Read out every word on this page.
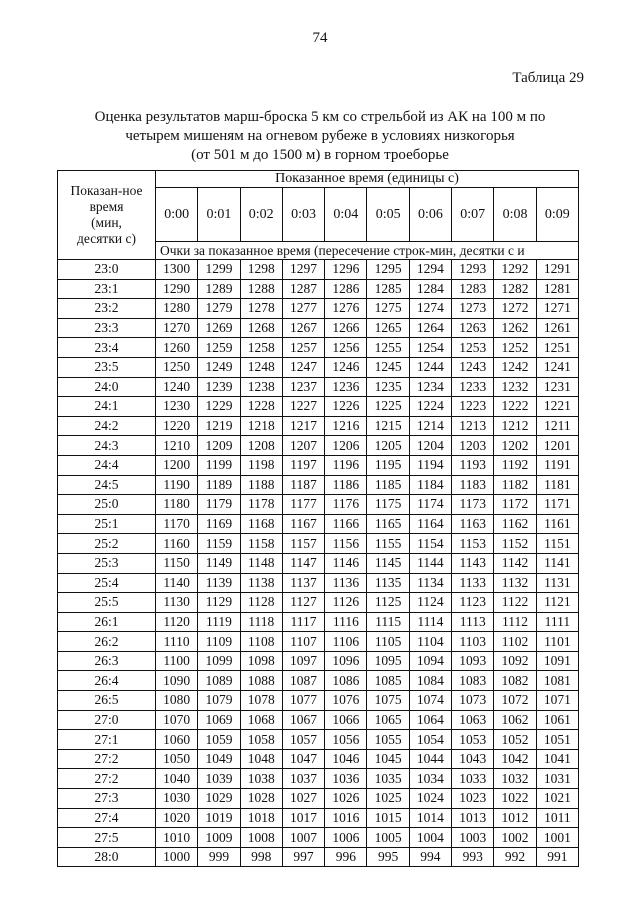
74
Таблица 29
Оценка результатов марш-броска 5 км со стрельбой из АК на 100 м по
четырем мишеням на огневом рубеже в условиях низкогорья
(от 501 м до 1500 м) в горном троеборье
Показан-ное
время
(мин,
десятки с)	Показанное время (единицы с)									
	0:00	0:01	0:02	0:03	0:04	0:05	0:06	0:07	0:08	0:09
	Очки за показанное время (пересечение строк-мин, десятки с и									
23:0	1300	1299	1298	1297	1296	1295	1294	1293	1292	1291
23:1	1290	1289	1288	1287	1286	1285	1284	1283	1282	1281
23:2	1280	1279	1278	1277	1276	1275	1274	1273	1272	1271
23:3	1270	1269	1268	1267	1266	1265	1264	1263	1262	1261
23:4	1260	1259	1258	1257	1256	1255	1254	1253	1252	1251
23:5	1250	1249	1248	1247	1246	1245	1244	1243	1242	1241
24:0	1240	1239	1238	1237	1236	1235	1234	1233	1232	1231
24:1	1230	1229	1228	1227	1226	1225	1224	1223	1222	1221
24:2	1220	1219	1218	1217	1216	1215	1214	1213	1212	1211
24:3	1210	1209	1208	1207	1206	1205	1204	1203	1202	1201
24:4	1200	1199	1198	1197	1196	1195	1194	1193	1192	1191
24:5	1190	1189	1188	1187	1186	1185	1184	1183	1182	1181
25:0	1180	1179	1178	1177	1176	1175	1174	1173	1172	1171
25:1	1170	1169	1168	1167	1166	1165	1164	1163	1162	1161
25:2	1160	1159	1158	1157	1156	1155	1154	1153	1152	1151
25:3	1150	1149	1148	1147	1146	1145	1144	1143	1142	1141
25:4	1140	1139	1138	1137	1136	1135	1134	1133	1132	1131
25:5	1130	1129	1128	1127	1126	1125	1124	1123	1122	1121
26:1	1120	1119	1118	1117	1116	1115	1114	1113	1112	1111
26:2	1110	1109	1108	1107	1106	1105	1104	1103	1102	1101
26:3	1100	1099	1098	1097	1096	1095	1094	1093	1092	1091
26:4	1090	1089	1088	1087	1086	1085	1084	1083	1082	1081
26:5	1080	1079	1078	1077	1076	1075	1074	1073	1072	1071
27:0	1070	1069	1068	1067	1066	1065	1064	1063	1062	1061
27:1	1060	1059	1058	1057	1056	1055	1054	1053	1052	1051
27:2	1050	1049	1048	1047	1046	1045	1044	1043	1042	1041
27:2	1040	1039	1038	1037	1036	1035	1034	1033	1032	1031
27:3	1030	1029	1028	1027	1026	1025	1024	1023	1022	1021
27:4	1020	1019	1018	1017	1016	1015	1014	1013	1012	1011
27:5	1010	1009	1008	1007	1006	1005	1004	1003	1002	1001
28:0	1000	999	998	997	996	995	994	993	992	991
